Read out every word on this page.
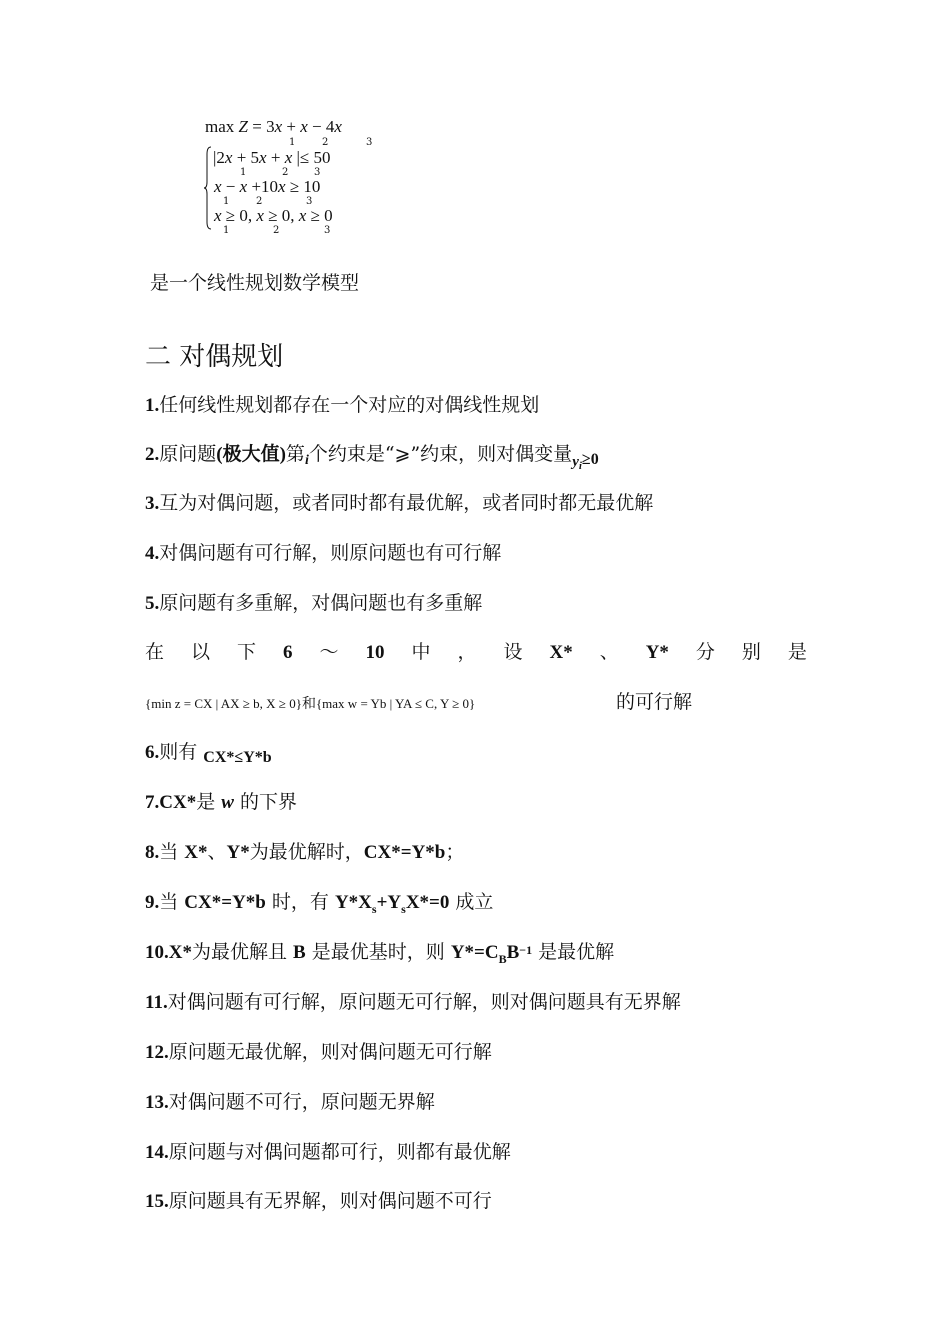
max Z = 3x + x − 4x
1	2	3
|2x + 5x + x |≤ 50
1	2	3
x − x +10x ≥ 10
1	2	3
x ≥ 0, x ≥ 0, x ≥ 0
1	2	3
是一个线性规划数学模型
二 对偶规划
1.任何线性规划都存在一个对应的对偶线性规划
2.原问题(极大值)第$_i$个约束是“⩾”约束，则对偶变量$_{yi\ge 0}$
3.互为对偶问题，或者同时都有最优解，或者同时都无最优解
4.对偶问题有可行解，则原问题也有可行解
5.原问题有多重解，对偶问题也有多重解
在 以 下 6 ～ 10 中 ， 设 X* 、 Y* 分 别 是
{min z = CX | AX ≥ b, X ≥ 0}和{max w = Yb | YA ≤ C, Y ≥ 0}	的可行解
6.则有 $_{CX*\le Y*b}$
7.CX*是 w 的下界
8.当 X*、Y*为最优解时，CX*=Y*b；
9.当 CX*=Y*b 时，有 $Y*X_s+Y_sX*=0$ 成立
10.X*为最优解且 B 是最优基时，则 $Y*=C_BB^{-1}$ 是最优解
11.对偶问题有可行解，原问题无可行解，则对偶问题具有无界解
12.原问题无最优解，则对偶问题无可行解
13.对偶问题不可行，原问题无界解
14.原问题与对偶问题都可行，则都有最优解
15.原问题具有无界解，则对偶问题不可行
